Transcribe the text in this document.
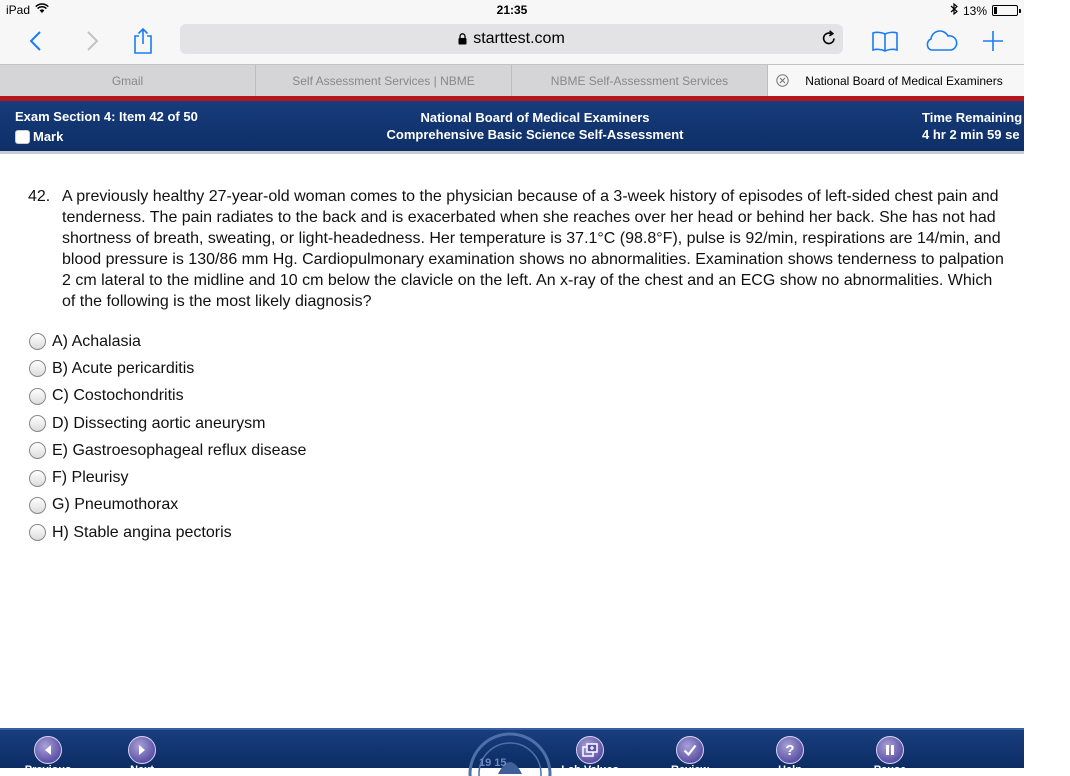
iPad	21:35	13%
starttest.com
Gmail	Self Assessment Services | NBME	NBME Self-Assessment Services	National Board of Medical Examiners
National Board of Medical Examiners
Comprehensive Basic Science Self-Assessment
Exam Section 4: Item 42 of 50
Mark
Time Remaining
4 hr 2 min 59 se
42. A previously healthy 27-year-old woman comes to the physician because of a 3-week history of episodes of left-sided chest pain and tenderness. The pain radiates to the back and is exacerbated when she reaches over her head or behind her back. She has not had shortness of breath, sweating, or light-headedness. Her temperature is 37.1°C (98.8°F), pulse is 92/min, respirations are 14/min, and blood pressure is 130/86 mm Hg. Cardiopulmonary examination shows no abnormalities. Examination shows tenderness to palpation 2 cm lateral to the midline and 10 cm below the clavicle on the left. An x-ray of the chest and an ECG show no abnormalities. Which of the following is the most likely diagnosis?
A) Achalasia
B) Acute pericarditis
C) Costochondritis
D) Dissecting aortic aneurysm
E) Gastroesophageal reflux disease
F) Pleurisy
G) Pneumothorax
H) Stable angina pectoris
19 15
Previous	Next	Lab Values	Review
?
Help	Pause
